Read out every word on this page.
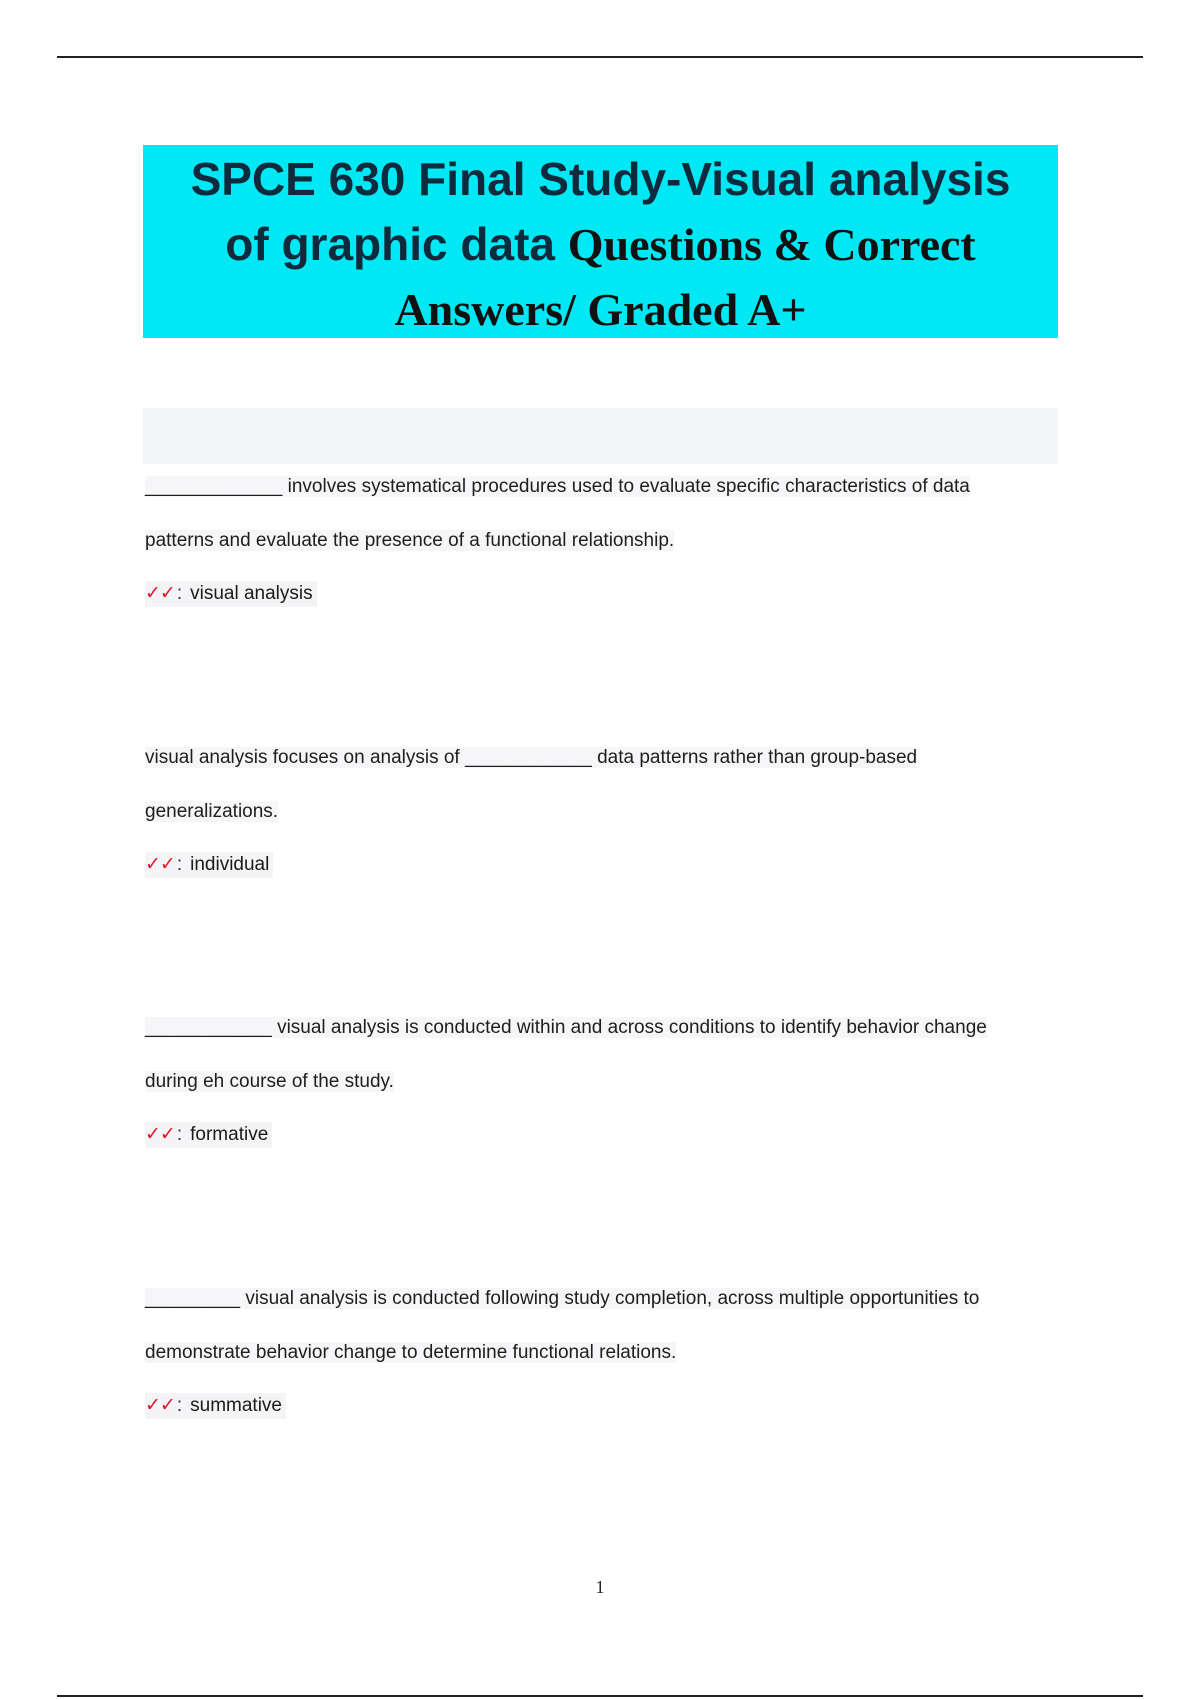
SPCE 630 Final Study-Visual analysis
of graphic data Questions & Correct
Answers/ Graded A+

_____________ involves systematical procedures used to evaluate specific characteristics of data
patterns and evaluate the presence of a functional relationship.

✓✓ : visual analysis

visual analysis focuses on analysis of ____________ data patterns rather than group-based
generalizations.

✓✓ : individual

____________ visual analysis is conducted within and across conditions to identify behavior change
during eh course of the study.

✓✓ : formative

_________ visual analysis is conducted following study completion, across multiple opportunities to
demonstrate behavior change to determine functional relations.

✓✓ : summative
1
